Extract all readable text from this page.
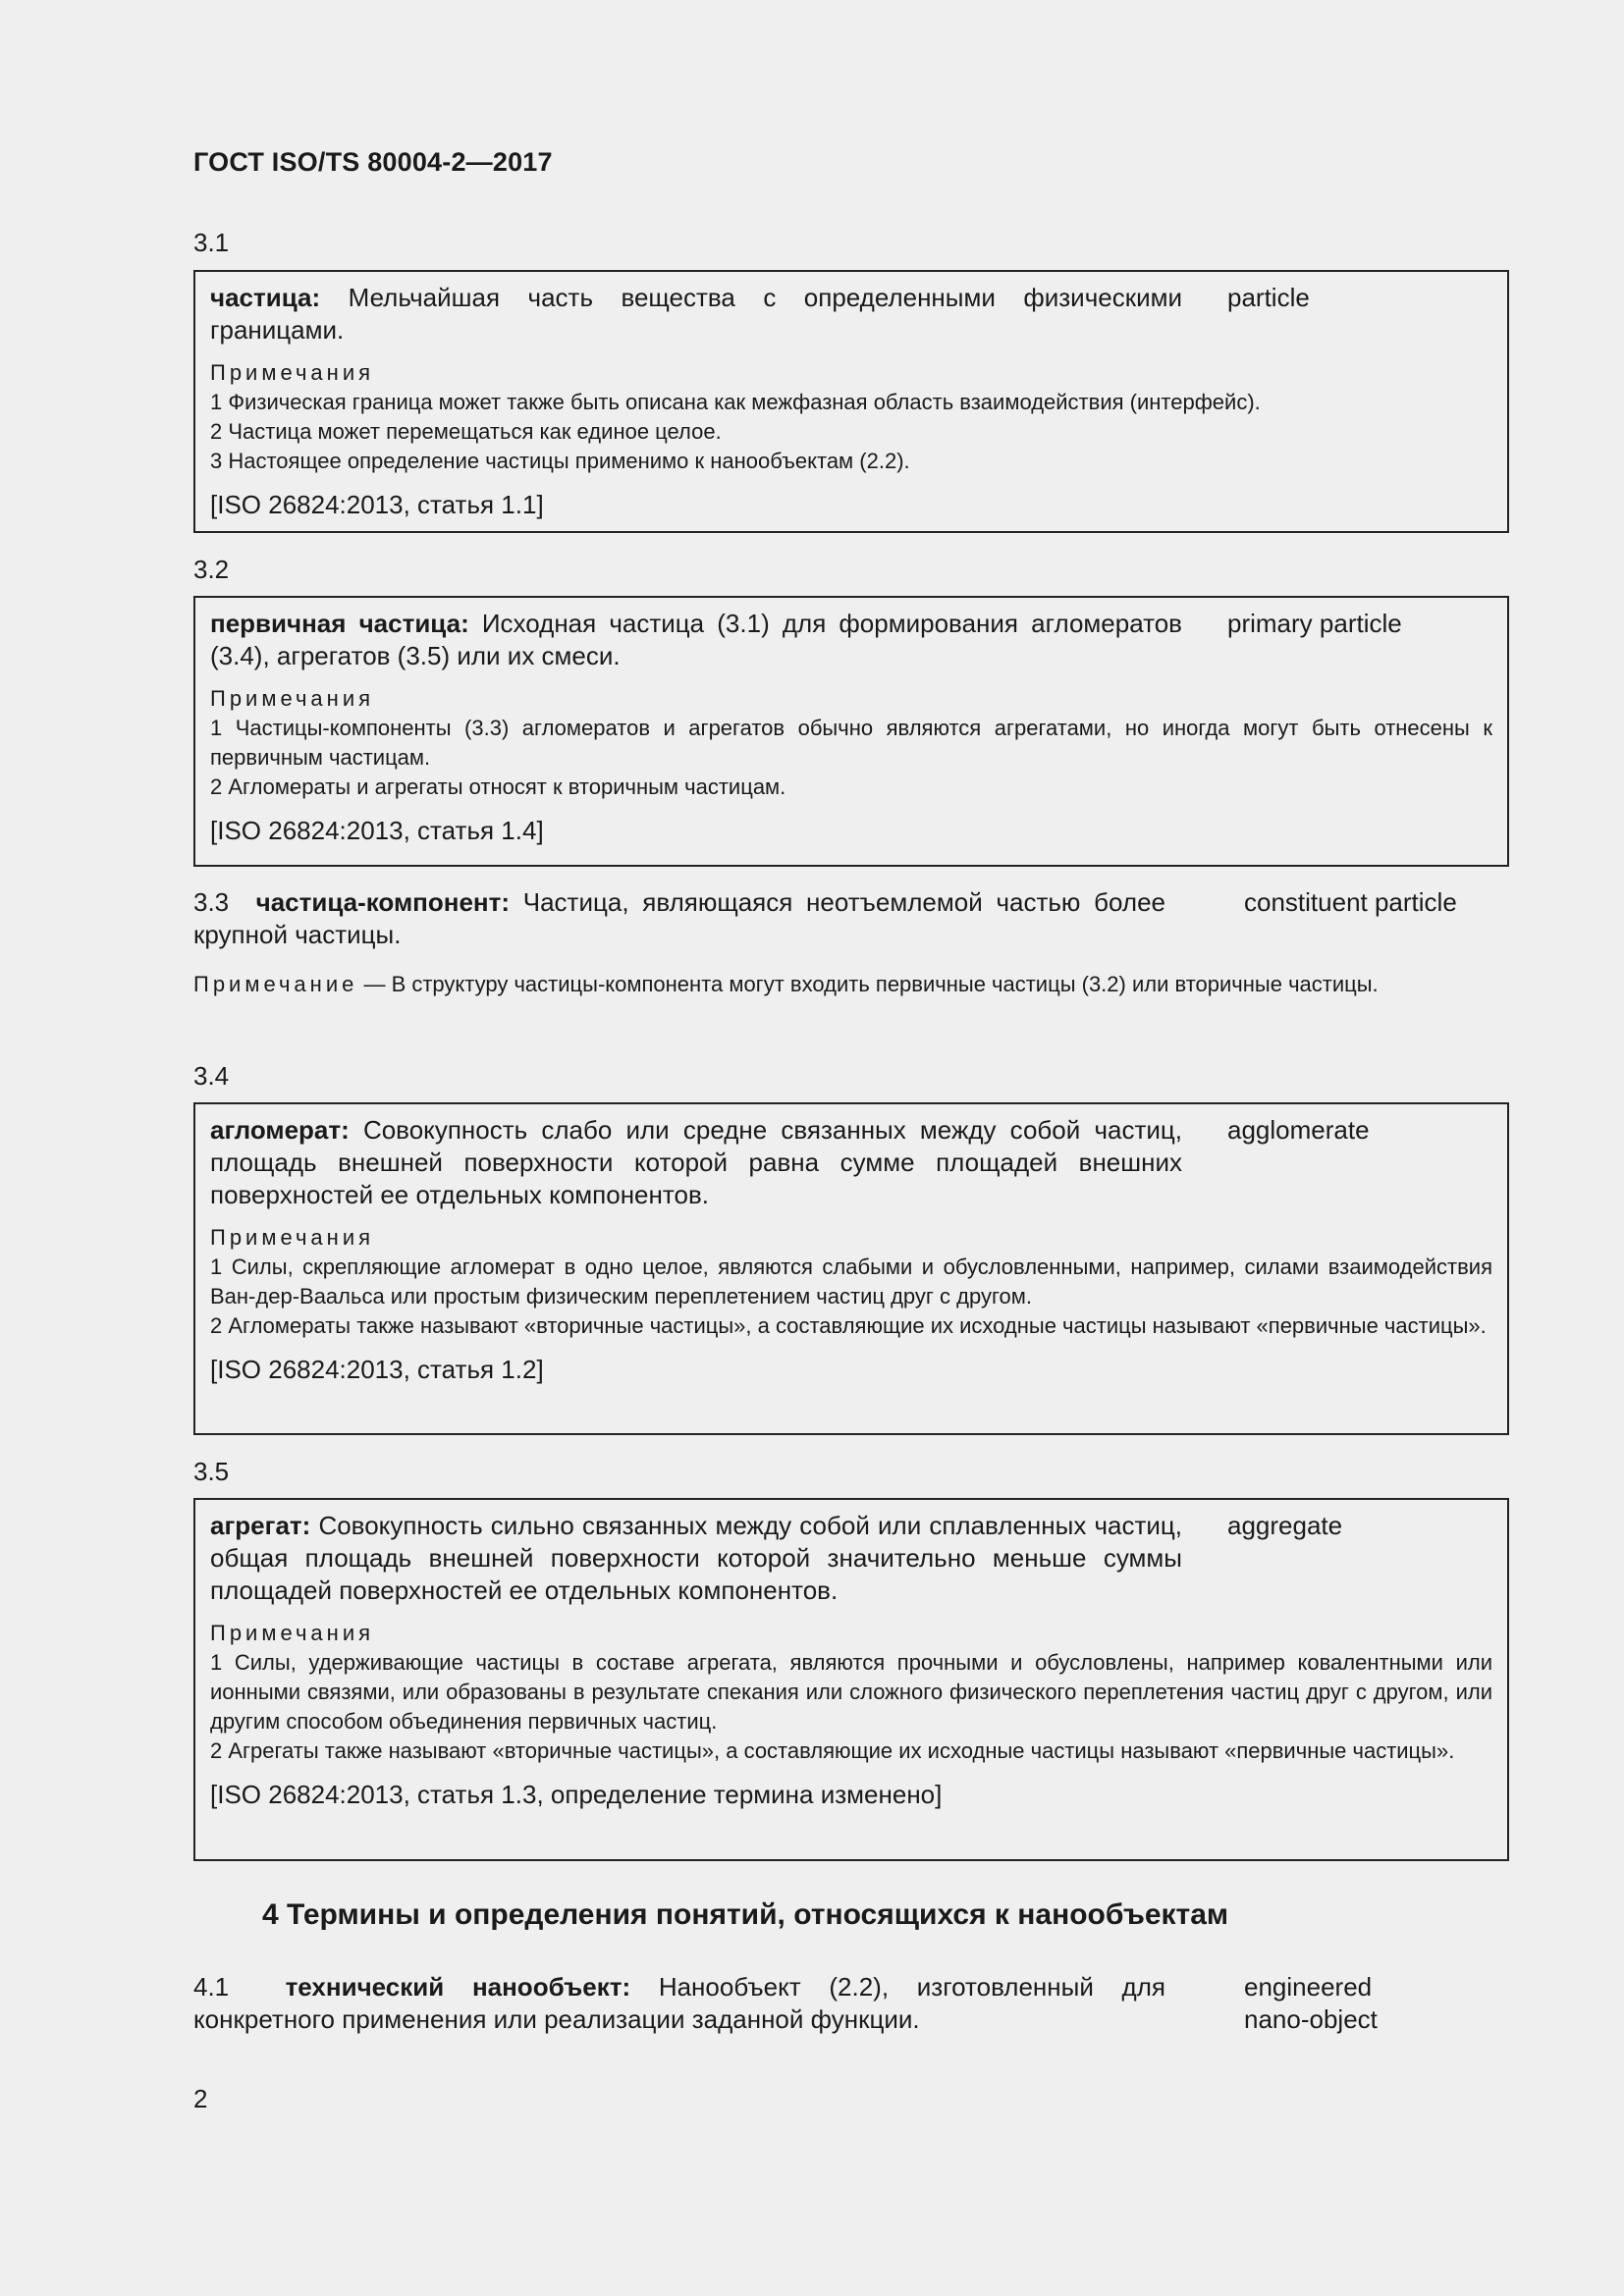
ГОСТ ISO/TS 80004-2—2017
3.1
частица: Мельчайшая часть вещества с определенными физическими границами.
particle
Примечания
1 Физическая граница может также быть описана как межфазная область взаимодействия (интерфейс).
2 Частица может перемещаться как единое целое.
3 Настоящее определение частицы применимо к нанообъектам (2.2).
[ISO 26824:2013, статья 1.1]
3.2
первичная частица: Исходная частица (3.1) для формирования агломератов (3.4), агрегатов (3.5) или их смеси.
primary particle
Примечания
1 Частицы-компоненты (3.3) агломератов и агрегатов обычно являются агрегатами, но иногда могут быть отнесены к первичным частицам.
2 Агломераты и агрегаты относят к вторичным частицам.
[ISO 26824:2013, статья 1.4]
3.3 частица-компонент: Частица, являющаяся неотъемлемой частью более крупной частицы.
constituent particle
Примечание — В структуру частицы-компонента могут входить первичные частицы (3.2) или вторичные частицы.
3.4
агломерат: Совокупность слабо или средне связанных между собой частиц, площадь внешней поверхности которой равна сумме площадей внешних поверхностей ее отдельных компонентов.
agglomerate
Примечания
1 Силы, скрепляющие агломерат в одно целое, являются слабыми и обусловленными, например, силами взаимодействия Ван-дер-Ваальса или простым физическим переплетением частиц друг с другом.
2 Агломераты также называют «вторичные частицы», а составляющие их исходные частицы называют «первичные частицы».
[ISO 26824:2013, статья 1.2]
3.5
агрегат: Совокупность сильно связанных между собой или сплавленных частиц, общая площадь внешней поверхности которой значительно меньше суммы площадей поверхностей ее отдельных компонентов.
aggregate
Примечания
1 Силы, удерживающие частицы в составе агрегата, являются прочными и обусловлены, например ковалентными или ионными связями, или образованы в результате спекания или сложного физического переплетения частиц друг с другом, или другим способом объединения первичных частиц.
2 Агрегаты также называют «вторичные частицы», а составляющие их исходные частицы называют «первичные частицы».
[ISO 26824:2013, статья 1.3, определение термина изменено]
4 Термины и определения понятий, относящихся к нанообъектам
4.1 технический нанообъект: Нанообъект (2.2), изготовленный для конкретного применения или реализации заданной функции.
engineered
nano-object
2
